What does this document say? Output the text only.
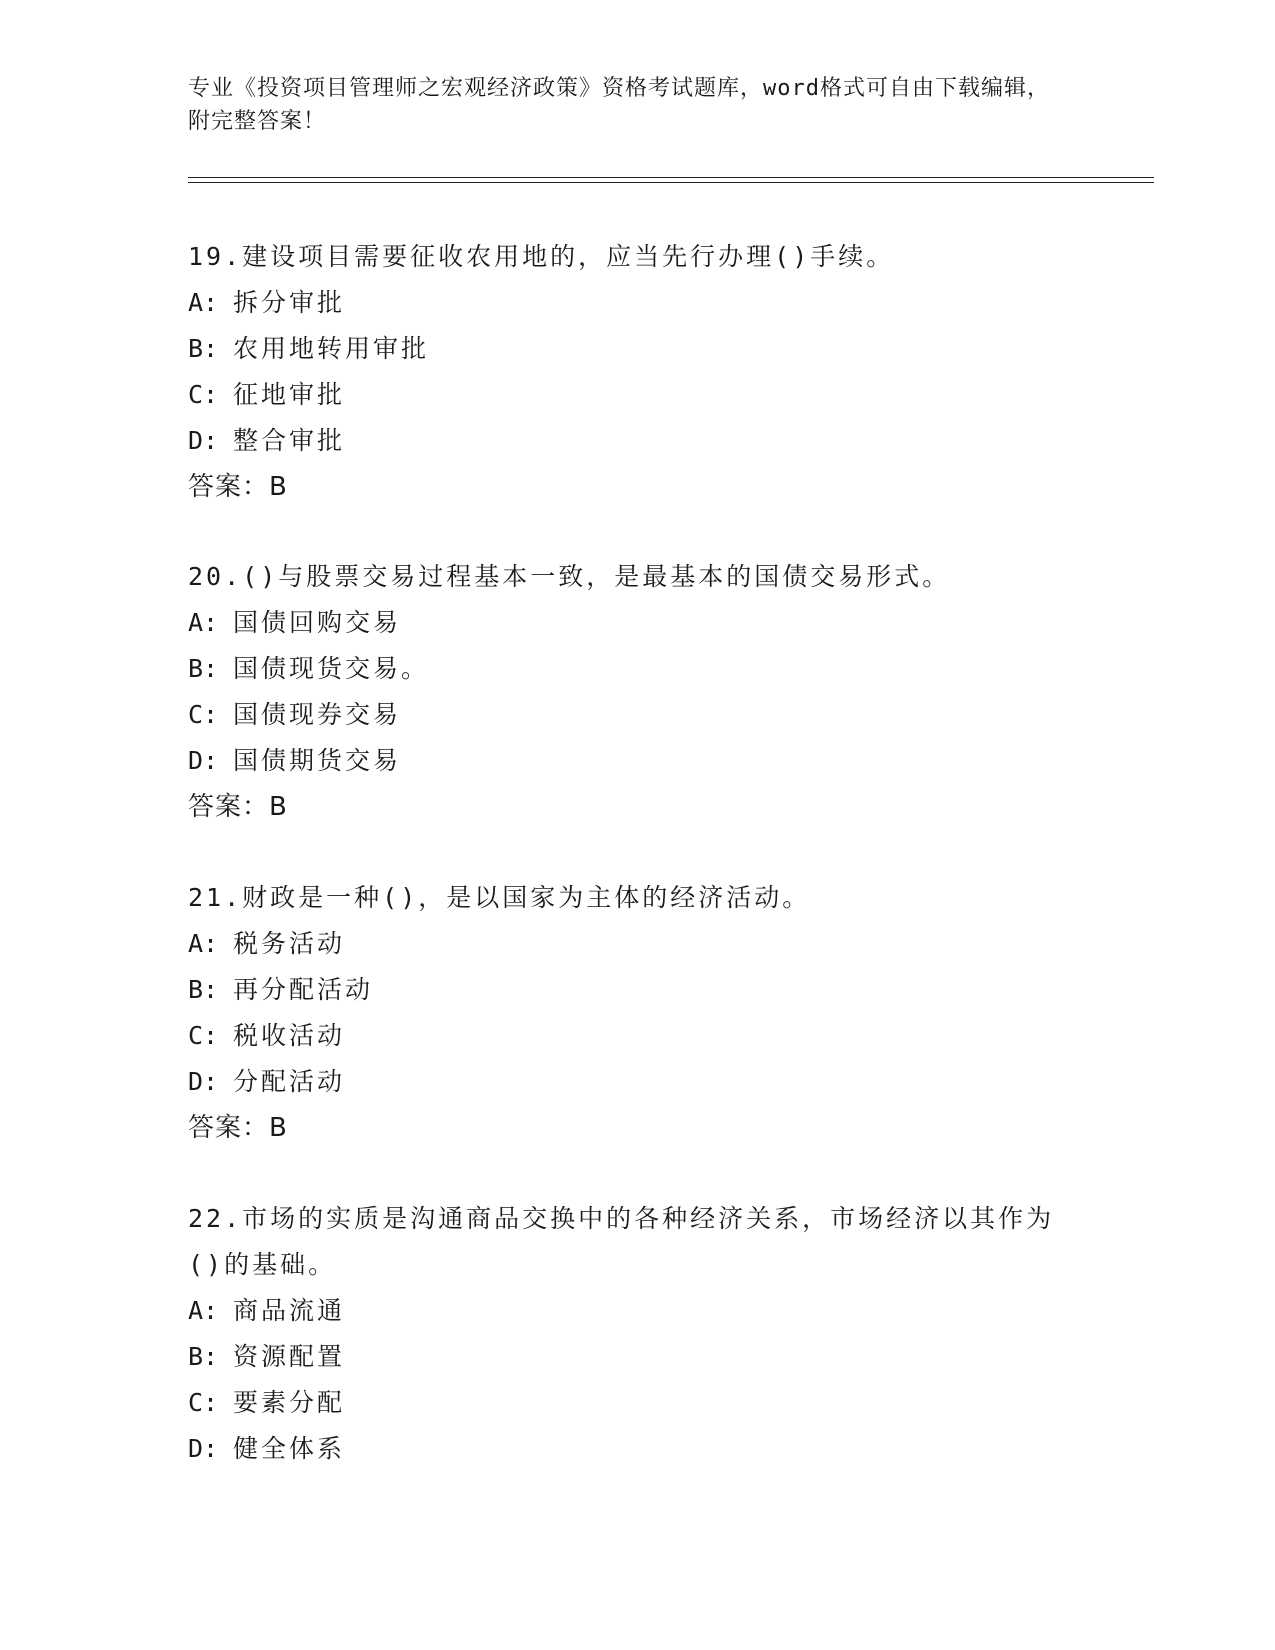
专业《投资项目管理师之宏观经济政策》资格考试题库，word格式可自由下载编辑，附完整答案！

19.建设项目需要征收农用地的，应当先行办理()手续。

A: 拆分审批

B: 农用地转用审批

C: 征地审批

D: 整合审批

答案：B

20.()与股票交易过程基本一致，是最基本的国债交易形式。

A: 国债回购交易

B: 国债现货交易。

C: 国债现券交易

D: 国债期货交易

答案：B

21.财政是一种()，是以国家为主体的经济活动。

A: 税务活动

B: 再分配活动

C: 税收活动

D: 分配活动

答案：B

22.市场的实质是沟通商品交换中的各种经济关系，市场经济以其作为()的基础。

A: 商品流通

B: 资源配置

C: 要素分配

D: 健全体系
